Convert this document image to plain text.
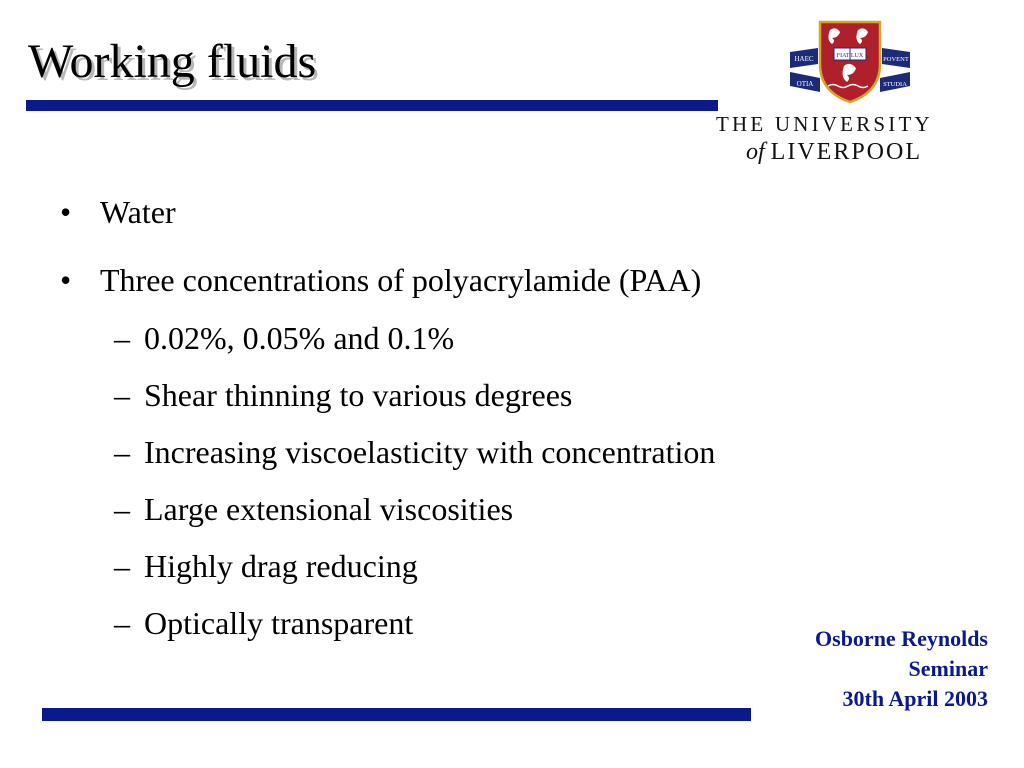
Working fluids	HAEC
OTIA
POVENT
STUDIA
FIAT LUX
THE UNIVERSITY
of LIVERPOOL
• Water
• Three concentrations of polyacrylamide (PAA)
– 0.02%, 0.05% and 0.1%
– Shear thinning to various degrees
– Increasing viscoelasticity with concentration
– Large extensional viscosities
– Highly drag reducing
– Optically transparent	Osborne Reynolds
Seminar
30th April 2003
